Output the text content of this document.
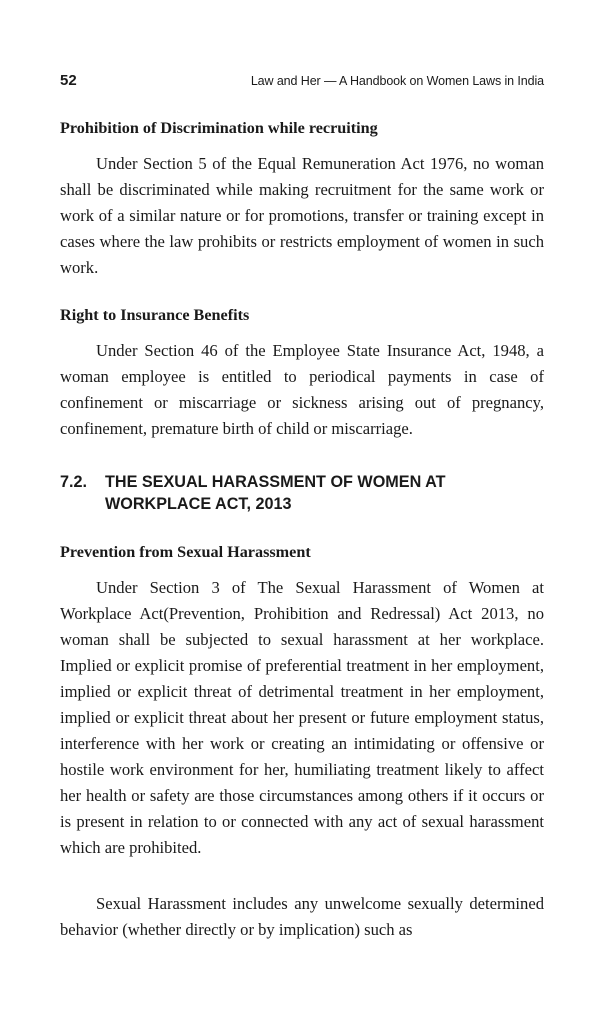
52	Law and Her — A Handbook on Women Laws in India
Prohibition of Discrimination while recruiting

Under Section 5 of the Equal Remuneration Act 1976, no woman shall be discriminated while making recruitment for the same work or work of a similar nature or for promotions, transfer or training except in cases where the law prohibits or restricts employment of women in such work.

Right to Insurance Benefits

Under Section 46 of the Employee State Insurance Act, 1948, a woman employee is entitled to periodical payments in case of confinement or miscarriage or sickness arising out of pregnancy, confinement, premature birth of child or miscarriage.

7.2. THE SEXUAL HARASSMENT OF WOMEN AT WORKPLACE ACT, 2013
Prevention from Sexual Harassment

Under Section 3 of The Sexual Harassment of Women at Workplace Act(Prevention, Prohibition and Redressal) Act 2013, no woman shall be subjected to sexual harassment at her workplace. Implied or explicit promise of preferential treatment in her employment, implied or explicit threat of detrimental treatment in her employment, implied or explicit threat about her present or future employment status, interference with her work or creating an intimidating or offensive or hostile work environment for her, humiliating treatment likely to affect her health or safety are those circumstances among others if it occurs or is present in relation to or connected with any act of sexual harassment which are prohibited.

Sexual Harassment includes any unwelcome sexually determined behavior (whether directly or by implication) such as
